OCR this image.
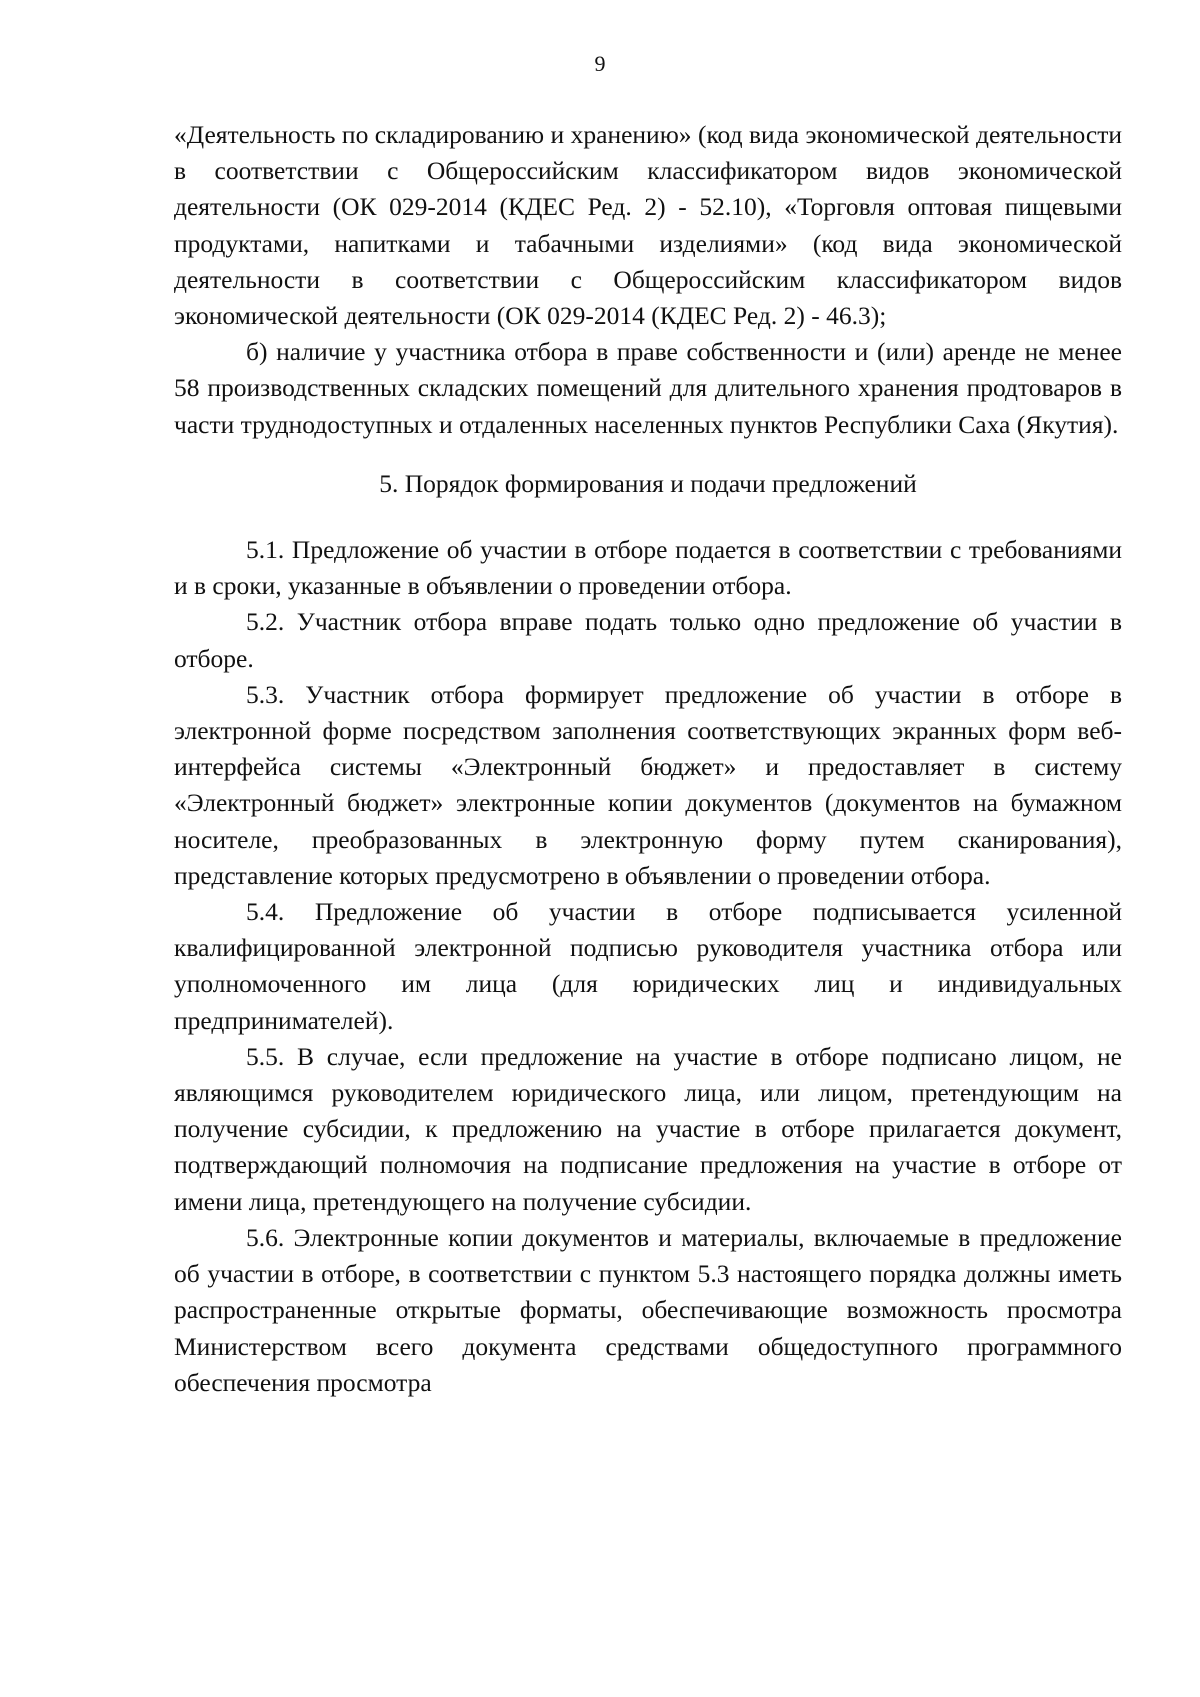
9

«Деятельность по складированию и хранению» (код вида экономической деятельности в соответствии с Общероссийским классификатором видов экономической деятельности (ОК 029-2014 (КДЕС Ред. 2) - 52.10), «Торговля оптовая пищевыми продуктами, напитками и табачными изделиями» (код вида экономической деятельности в соответствии с Общероссийским классификатором видов экономической деятельности (ОК 029-2014 (КДЕС Ред. 2) - 46.3);

б) наличие у участника отбора в праве собственности и (или) аренде не менее 58 производственных складских помещений для длительного хранения продтоваров в части труднодоступных и отдаленных населенных пунктов Республики Саха (Якутия).

5. Порядок формирования и подачи предложений

5.1. Предложение об участии в отборе подается в соответствии с требованиями и в сроки, указанные в объявлении о проведении отбора.

5.2. Участник отбора вправе подать только одно предложение об участии в отборе.

5.3. Участник отбора формирует предложение об участии в отборе в электронной форме посредством заполнения соответствующих экранных форм веб-интерфейса системы «Электронный бюджет» и предоставляет в систему «Электронный бюджет» электронные копии документов (документов на бумажном носителе, преобразованных в электронную форму путем сканирования), представление которых предусмотрено в объявлении о проведении отбора.

5.4. Предложение об участии в отборе подписывается усиленной квалифицированной электронной подписью руководителя участника отбора или уполномоченного им лица (для юридических лиц и индивидуальных предпринимателей).

5.5. В случае, если предложение на участие в отборе подписано лицом, не являющимся руководителем юридического лица, или лицом, претендующим на получение субсидии, к предложению на участие в отборе прилагается документ, подтверждающий полномочия на подписание предложения на участие в отборе от имени лица, претендующего на получение субсидии.

5.6. Электронные копии документов и материалы, включаемые в предложение об участии в отборе, в соответствии с пунктом 5.3 настоящего порядка должны иметь распространенные открытые форматы, обеспечивающие возможность просмотра Министерством всего документа средствами общедоступного программного обеспечения просмотра
